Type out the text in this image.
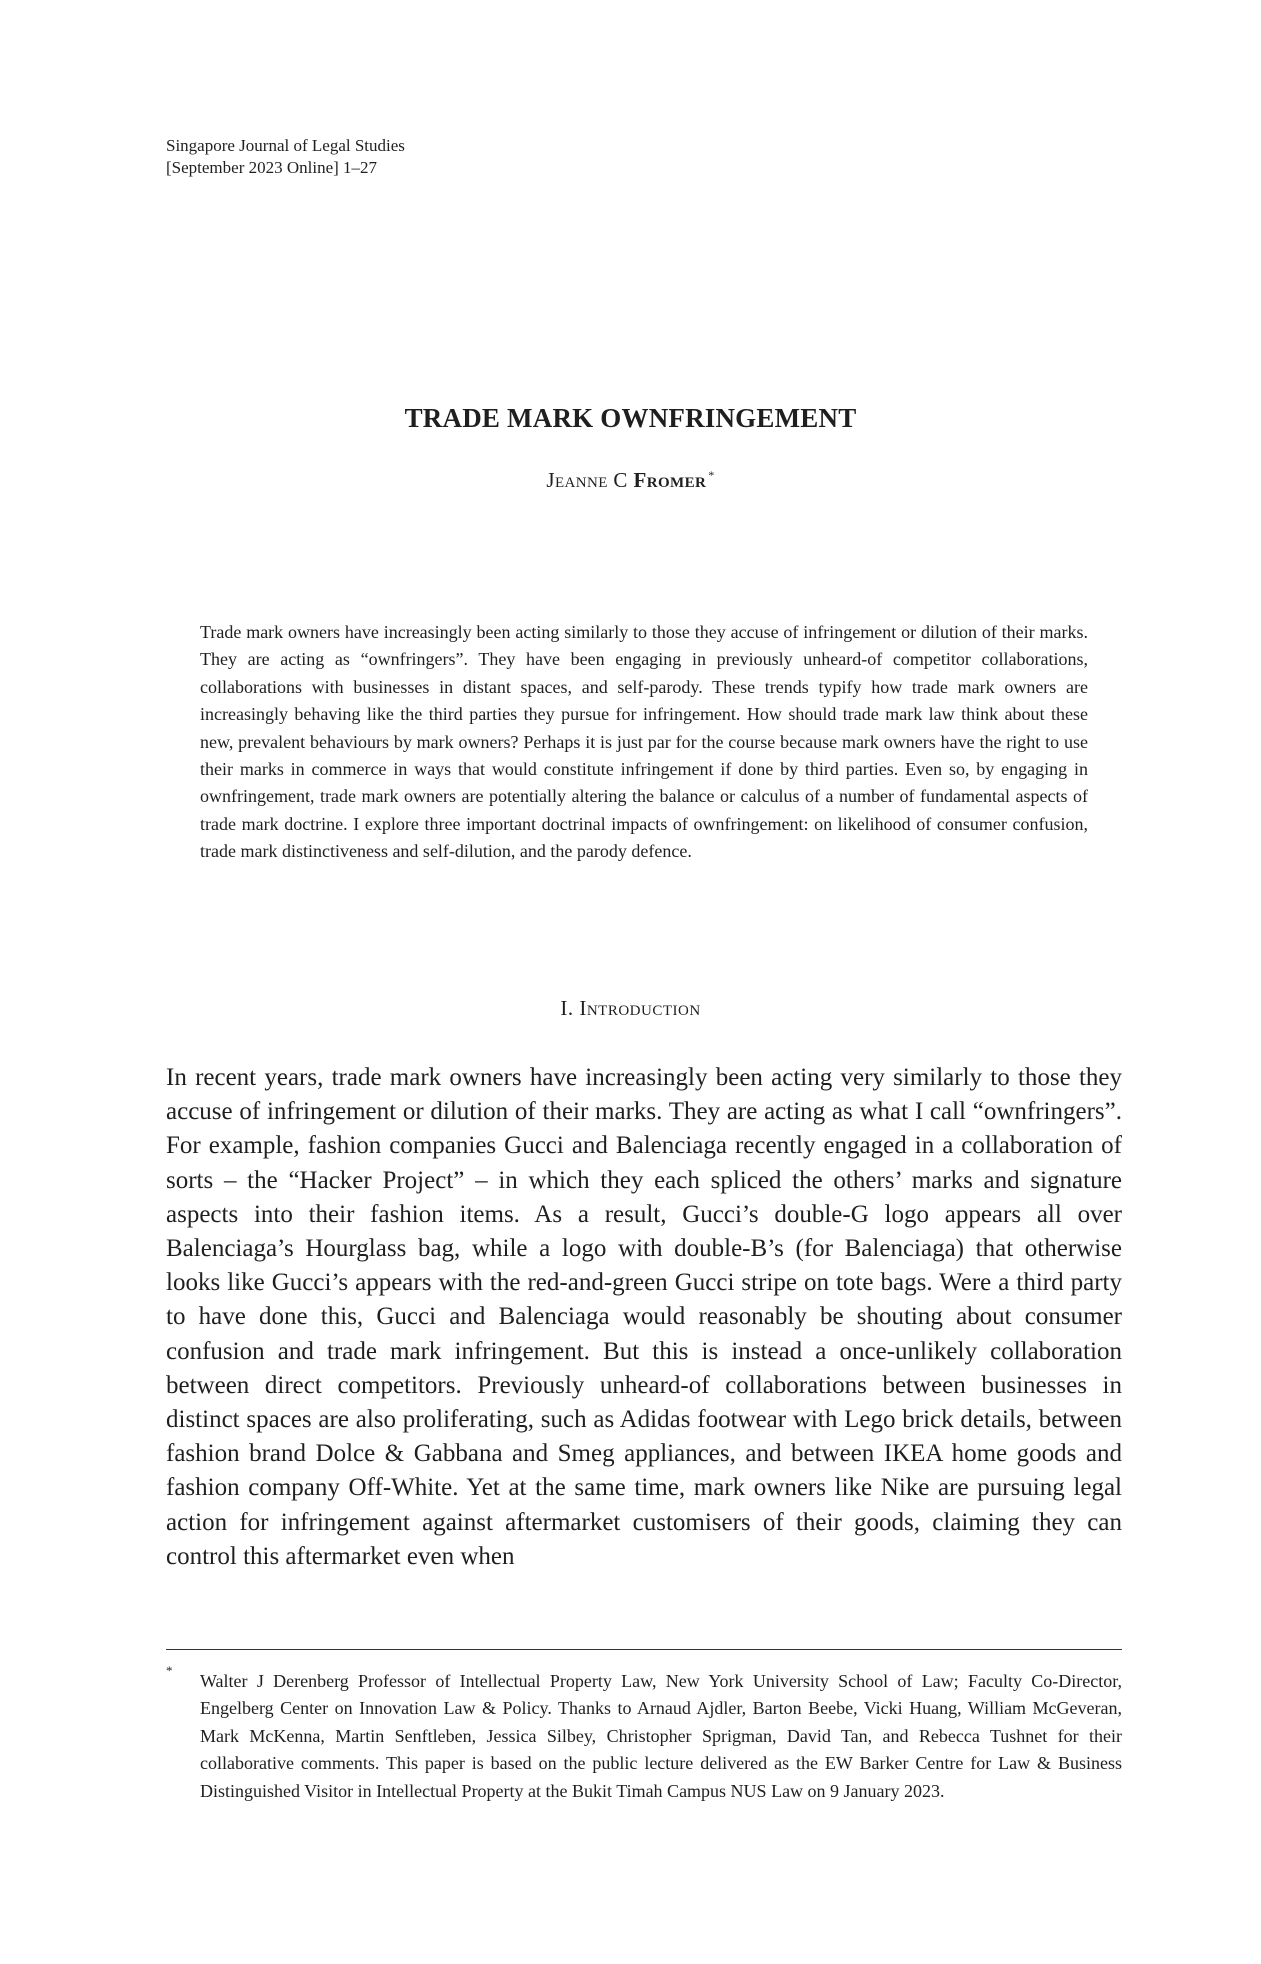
Singapore Journal of Legal Studies
[September 2023 Online] 1–27
TRADE MARK OWNFRINGEMENT
Jeanne C Fromer *
Trade mark owners have increasingly been acting similarly to those they accuse of infringement or dilution of their marks. They are acting as “ownfringers”. They have been engaging in previously unheard-of competitor collaborations, collaborations with businesses in distant spaces, and self-parody. These trends typify how trade mark owners are increasingly behaving like the third parties they pursue for infringement. How should trade mark law think about these new, prevalent behaviours by mark owners? Perhaps it is just par for the course because mark owners have the right to use their marks in commerce in ways that would constitute infringement if done by third parties. Even so, by engaging in ownfringement, trade mark owners are potentially altering the balance or calculus of a number of fundamental aspects of trade mark doctrine. I explore three important doctrinal impacts of ownfringement: on likelihood of consumer confusion, trade mark distinctiveness and self-dilution, and the parody defence.
I. Introduction
In recent years, trade mark owners have increasingly been acting very similarly to those they accuse of infringement or dilution of their marks. They are acting as what I call “ownfringers”. For example, fashion companies Gucci and Balenciaga recently engaged in a collaboration of sorts – the “Hacker Project” – in which they each spliced the others’ marks and signature aspects into their fashion items. As a result, Gucci’s double-G logo appears all over Balenciaga’s Hourglass bag, while a logo with double-B’s (for Balenciaga) that otherwise looks like Gucci’s appears with the red-and-green Gucci stripe on tote bags. Were a third party to have done this, Gucci and Balenciaga would reasonably be shouting about consumer confusion and trade mark infringement. But this is instead a once-unlikely collaboration between direct competitors. Previously unheard-of collaborations between businesses in distinct spaces are also proliferating, such as Adidas footwear with Lego brick details, between fashion brand Dolce & Gabbana and Smeg appliances, and between IKEA home goods and fashion company Off-White. Yet at the same time, mark owners like Nike are pursuing legal action for infringement against aftermarket customisers of their goods, claiming they can control this aftermarket even when
*
Walter J Derenberg Professor of Intellectual Property Law, New York University School of Law; Faculty Co-Director, Engelberg Center on Innovation Law & Policy. Thanks to Arnaud Ajdler, Barton Beebe, Vicki Huang, William McGeveran, Mark McKenna, Martin Senftleben, Jessica Silbey, Christopher Sprigman, David Tan, and Rebecca Tushnet for their collaborative comments. This paper is based on the public lecture delivered as the EW Barker Centre for Law & Business Distinguished Visitor in Intellectual Property at the Bukit Timah Campus NUS Law on 9 January 2023.
